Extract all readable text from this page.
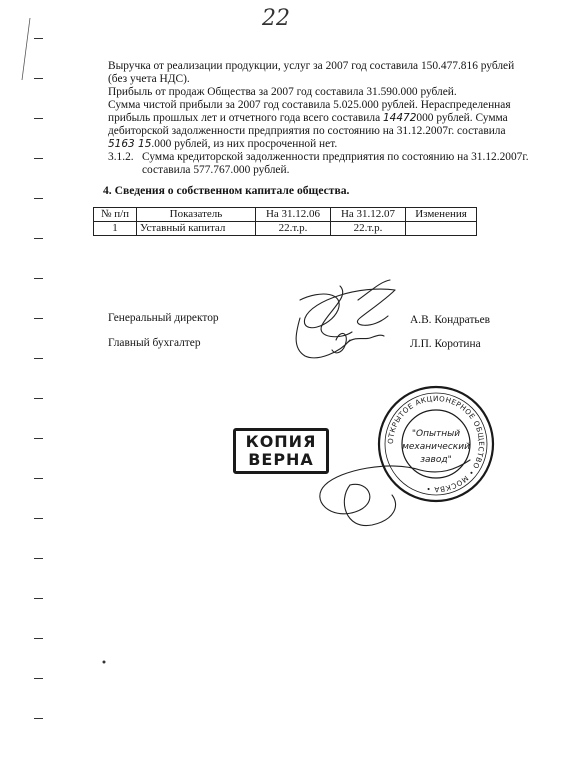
22
Выручка от реализации продукции, услуг за 2007 год составила 150.477.816 рублей
(без учета НДС).
Прибыль от продаж Общества за 2007 год составила 31.590.000 рублей.
Сумма чистой прибыли за 2007 год составила 5.025.000 рублей. Нераспределенная
прибыль прошлых лет и отчетного года всего составила 14472000 рублей. Сумма
дебиторской задолженности предприятия по состоянию на 31.12.2007г. составила
5163 15.000 рублей, из них просроченной нет.
3.1.2. Сумма кредиторской задолженности предприятия по состоянию на 31.12.2007г.
составила 577.767.000 рублей.
4. Сведения о собственном капитале общества.
№ п/п	Показатель	На 31.12.06	На 31.12.07	Изменения
1	Уставный капитал	22.т.р.	22.т.р.	
Генеральный директор	А.В. Кондратьев
Главный бухгалтер	Л.П. Коротина
КОПИЯ
ВЕРНА
ОТКРЫТОЕ АКЦИОНЕРНОЕ ОБЩЕСТВО • МОСКВА •
"Опытный
механический
завод"
